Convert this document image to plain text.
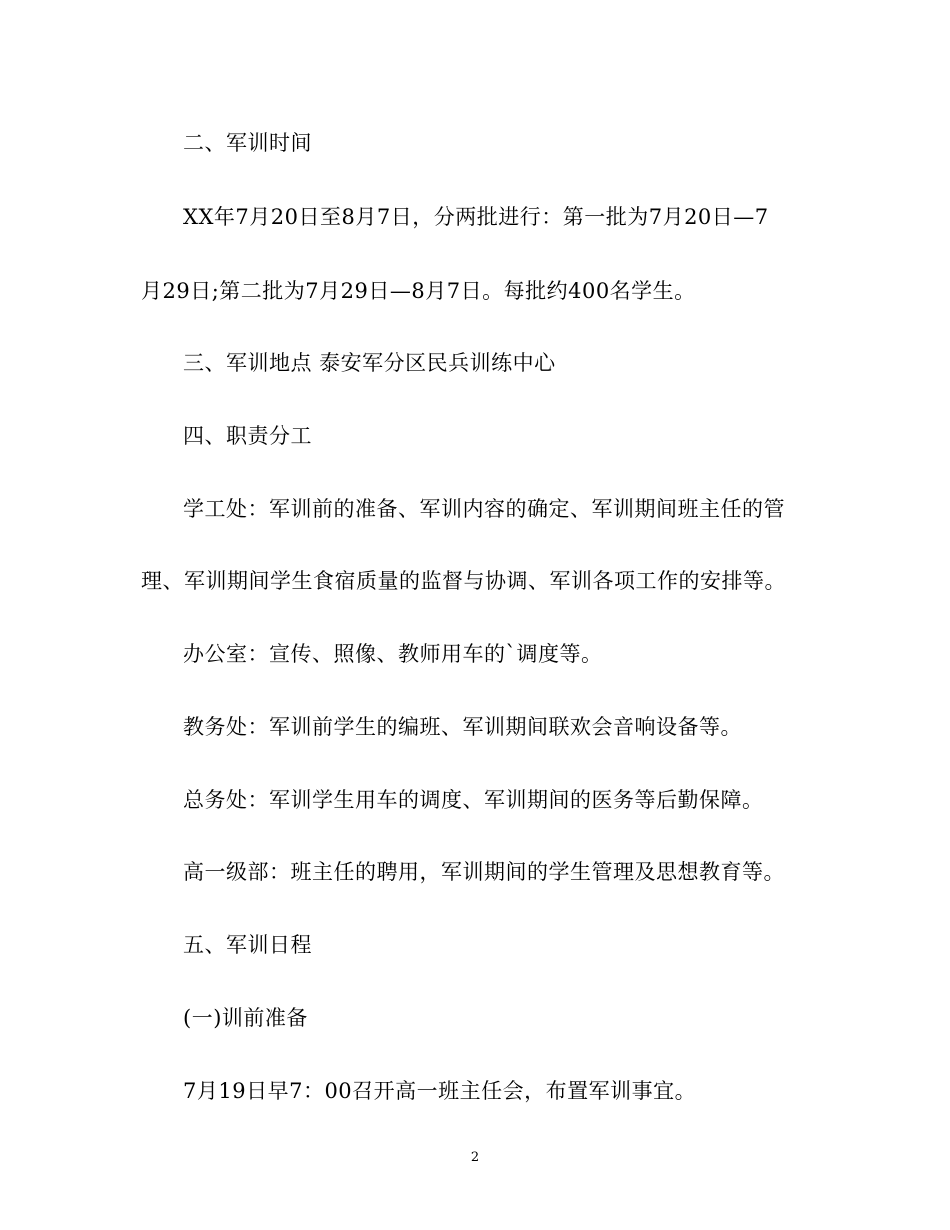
二、军训时间
XX年7月20日至8月7日，分两批进行：第一批为7月20日—7
月29日;第二批为7月29日—8月7日。每批约400名学生。
三、军训地点 泰安军分区民兵训练中心
四、职责分工
学工处：军训前的准备、军训内容的确定、军训期间班主任的管
理、军训期间学生食宿质量的监督与协调、军训各项工作的安排等。
办公室：宣传、照像、教师用车的`调度等。
教务处：军训前学生的编班、军训期间联欢会音响设备等。
总务处：军训学生用车的调度、军训期间的医务等后勤保障。
高一级部：班主任的聘用，军训期间的学生管理及思想教育等。
五、军训日程
(一)训前准备
7月19日早7：00召开高一班主任会，布置军训事宜。
2
